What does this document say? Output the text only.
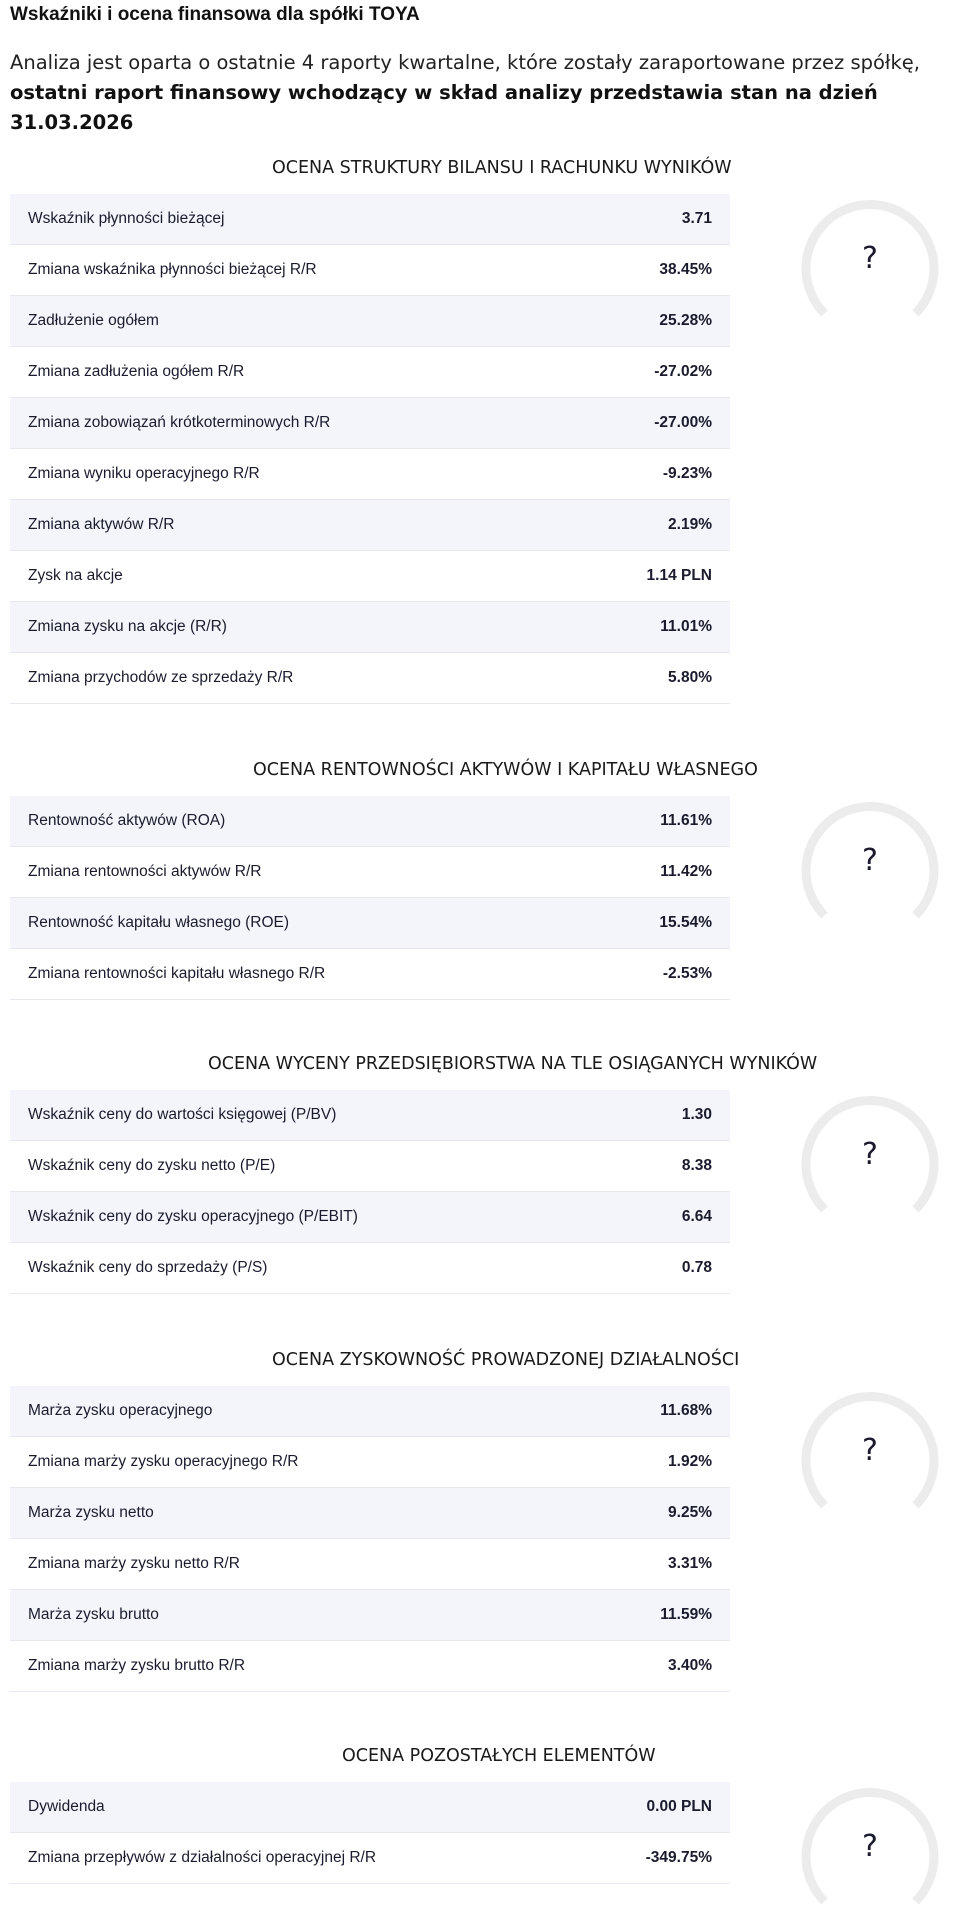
Wskaźniki i ocena finansowa dla spółki TOYA
Analiza jest oparta o ostatnie 4 raporty kwartalne, które zostały zaraportowane przez spółkę, ostatni raport finansowy wchodzący w skład analizy przedstawia stan na dzień 31.03.2026
OCENA STRUKTURY BILANSU I RACHUNKU WYNIKÓW
Wskaźnik płynności bieżącej	3.71
Zmiana wskaźnika płynności bieżącej R/R	38.45%
Zadłużenie ogółem	25.28%
Zmiana zadłużenia ogółem R/R	-27.02%
Zmiana zobowiązań krótkoterminowych R/R	-27.00%
Zmiana wyniku operacyjnego R/R	-9.23%
Zmiana aktywów R/R	2.19%
Zysk na akcje	1.14 PLN
Zmiana zysku na akcje (R/R)	11.01%
Zmiana przychodów ze sprzedaży R/R	5.80%
?
OCENA RENTOWNOŚCI AKTYWÓW I KAPITAŁU WŁASNEGO
Rentowność aktywów (ROA)	11.61%
Zmiana rentowności aktywów R/R	11.42%
Rentowność kapitału własnego (ROE)	15.54%
Zmiana rentowności kapitału własnego R/R	-2.53%
?
OCENA WYCENY PRZEDSIĘBIORSTWA NA TLE OSIĄGANYCH WYNIKÓW
Wskaźnik ceny do wartości księgowej (P/BV)	1.30
Wskaźnik ceny do zysku netto (P/E)	8.38
Wskaźnik ceny do zysku operacyjnego (P/EBIT)	6.64
Wskaźnik ceny do sprzedaży (P/S)	0.78
?
OCENA ZYSKOWNOŚĆ PROWADZONEJ DZIAŁALNOŚCI
Marża zysku operacyjnego	11.68%
Zmiana marży zysku operacyjnego R/R	1.92%
Marża zysku netto	9.25%
Zmiana marży zysku netto R/R	3.31%
Marża zysku brutto	11.59%
Zmiana marży zysku brutto R/R	3.40%
?
OCENA POZOSTAŁYCH ELEMENTÓW
Dywidenda	0.00 PLN
Zmiana przepływów z działalności operacyjnej R/R	-349.75%	?
